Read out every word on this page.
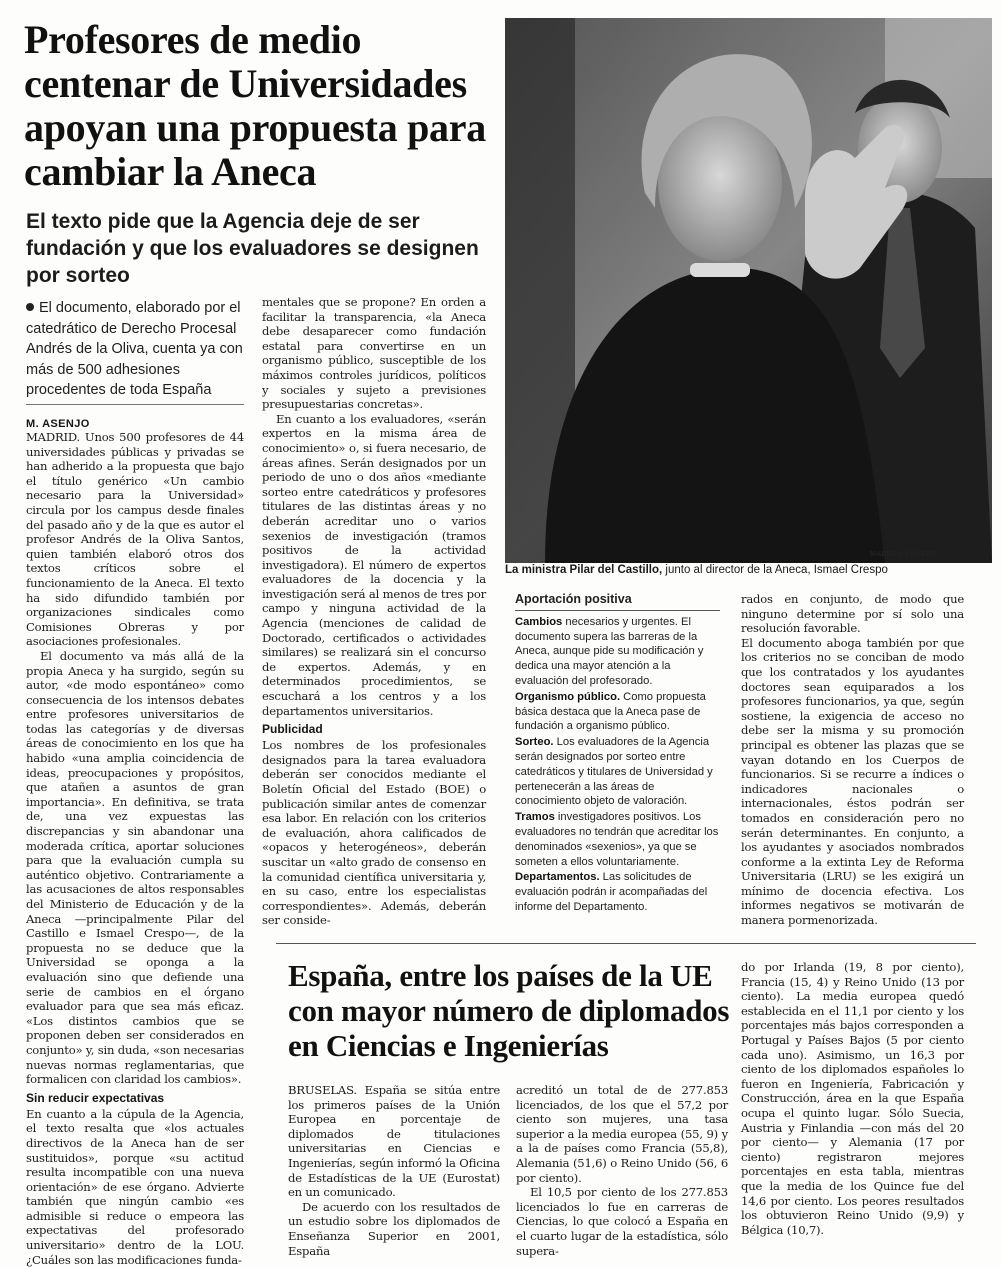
Profesores de medio centenar de Universidades apoyan una propuesta para cambiar la Aneca
El texto pide que la Agencia deje de ser fundación y que los evaluadores se designen por sorteo
MADERO CUBERO

La ministra Pilar del Castillo, junto al director de la Aneca, Ismael Crespo

El documento, elaborado por el catedrático de Derecho Procesal Andrés de la Oliva, cuenta ya con más de 500 adhesiones procedentes de toda España

M. ASENJO

MADRID. Unos 500 profesores de 44 universidades públicas y privadas se han adherido a la propuesta que bajo el título genérico «Un cambio necesario para la Universidad» circula por los campus desde finales del pasado año y de la que es autor el profesor Andrés de la Oliva Santos, quien también elaboró otros dos textos críticos sobre el funcionamiento de la Aneca. El texto ha sido difundido también por organizaciones sindicales como Comisiones Obreras y por asociaciones profesionales.

El documento va más allá de la propia Aneca y ha surgido, según su autor, «de modo espontáneo» como consecuencia de los intensos debates entre profesores universitarios de todas las categorías y de diversas áreas de conocimiento en los que ha habido «una amplia coincidencia de ideas, preocupaciones y propósitos, que atañen a asuntos de gran importancia». En definitiva, se trata de, una vez expuestas las discrepancias y sin abandonar una moderada crítica, aportar soluciones para que la evaluación cumpla su auténtico objetivo. Contrariamente a las acusaciones de altos responsables del Ministerio de Educación y de la Aneca —principalmente Pilar del Castillo e Ismael Crespo—, de la propuesta no se deduce que la Universidad se oponga a la evaluación sino que defiende una serie de cambios en el órgano evaluador para que sea más eficaz. «Los distintos cambios que se proponen deben ser considerados en conjunto» y, sin duda, «son necesarias nuevas normas reglamentarias, que formalicen con claridad los cambios».

Sin reducir expectativas

En cuanto a la cúpula de la Agencia, el texto resalta que «los actuales directivos de la Aneca han de ser sustituidos», porque «su actitud resulta incompatible con una nueva orientación» de ese órgano. Advierte también que ningún cambio «es admisible si reduce o empeora las expectativas del profesorado universitario» dentro de la LOU. ¿Cuáles son las modificaciones funda-

mentales que se propone? En orden a facilitar la transparencia, «la Aneca debe desaparecer como fundación estatal para convertirse en un organismo público, susceptible de los máximos controles jurídicos, políticos y sociales y sujeto a previsiones presupuestarias concretas».

En cuanto a los evaluadores, «serán expertos en la misma área de conocimiento» o, si fuera necesario, de áreas afines. Serán designados por un periodo de uno o dos años «mediante sorteo entre catedráticos y profesores titulares de las distintas áreas y no deberán acreditar uno o varios sexenios de investigación (tramos positivos de la actividad investigadora). El número de expertos evaluadores de la docencia y la investigación será al menos de tres por campo y ninguna actividad de la Agencia (menciones de calidad de Doctorado, certificados o actividades similares) se realizará sin el concurso de expertos. Además, y en determinados procedimientos, se escuchará a los centros y a los departamentos universitarios.

Publicidad

Los nombres de los profesionales designados para la tarea evaluadora deberán ser conocidos mediante el Boletín Oficial del Estado (BOE) o publicación similar antes de comenzar esa labor. En relación con los criterios de evaluación, ahora calificados de «opacos y heterogéneos», deberán suscitar un «alto grado de consenso en la comunidad científica universitaria y, en su caso, entre los especialistas correspondientes». Además, deberán ser conside-

Aportación positiva

Cambios necesarios y urgentes. El documento supera las barreras de la Aneca, aunque pide su modificación y dedica una mayor atención a la evaluación del profesorado.

Organismo público. Como propuesta básica destaca que la Aneca pase de fundación a organismo público.

Sorteo. Los evaluadores de la Agencia serán designados por sorteo entre catedráticos y titulares de Universidad y pertenecerán a las áreas de conocimiento objeto de valoración.

Tramos investigadores positivos. Los evaluadores no tendrán que acreditar los denominados «sexenios», ya que se someten a ellos voluntariamente.

Departamentos. Las solicitudes de evaluación podrán ir acompañadas del informe del Departamento.

rados en conjunto, de modo que ninguno determine por sí solo una resolución favorable.

El documento aboga también por que los criterios no se conciban de modo que los contratados y los ayudantes doctores sean equiparados a los profesores funcionarios, ya que, según sostiene, la exigencia de acceso no debe ser la misma y su promoción principal es obtener las plazas que se vayan dotando en los Cuerpos de funcionarios. Si se recurre a índices o indicadores nacionales o internacionales, éstos podrán ser tomados en consideración pero no serán determinantes. En conjunto, a los ayudantes y asociados nombrados conforme a la extinta Ley de Reforma Universitaria (LRU) se les exigirá un mínimo de docencia efectiva. Los informes negativos se motivarán de manera pormenorizada.

España, entre los países de la UE con mayor número de diplomados en Ciencias e Ingenierías

BRUSELAS. España se sitúa entre los primeros países de la Unión Europea en porcentaje de diplomados de titulaciones universitarias en Ciencias e Ingenierías, según informó la Oficina de Estadísticas de la UE (Eurostat) en un comunicado.

De acuerdo con los resultados de un estudio sobre los diplomados de Enseñanza Superior en 2001, España

acreditó un total de de 277.853 licenciados, de los que el 57,2 por ciento son mujeres, una tasa superior a la media europea (55, 9) y a la de países como Francia (55,8), Alemania (51,6) o Reino Unido (56, 6 por ciento).

El 10,5 por ciento de los 277.853 licenciados lo fue en carreras de Ciencias, lo que colocó a España en el cuarto lugar de la estadística, sólo supera-

do por Irlanda (19, 8 por ciento), Francia (15, 4) y Reino Unido (13 por ciento). La media europea quedó establecida en el 11,1 por ciento y los porcentajes más bajos corresponden a Portugal y Países Bajos (5 por ciento cada uno). Asimismo, un 16,3 por ciento de los diplomados españoles lo fueron en Ingeniería, Fabricación y Construcción, área en la que España ocupa el quinto lugar. Sólo Suecia, Austria y Finlandia —con más del 20 por ciento— y Alemania (17 por ciento) registraron mejores porcentajes en esta tabla, mientras que la media de los Quince fue del 14,6 por ciento. Los peores resultados los obtuvieron Reino Unido (9,9) y Bélgica (10,7).
